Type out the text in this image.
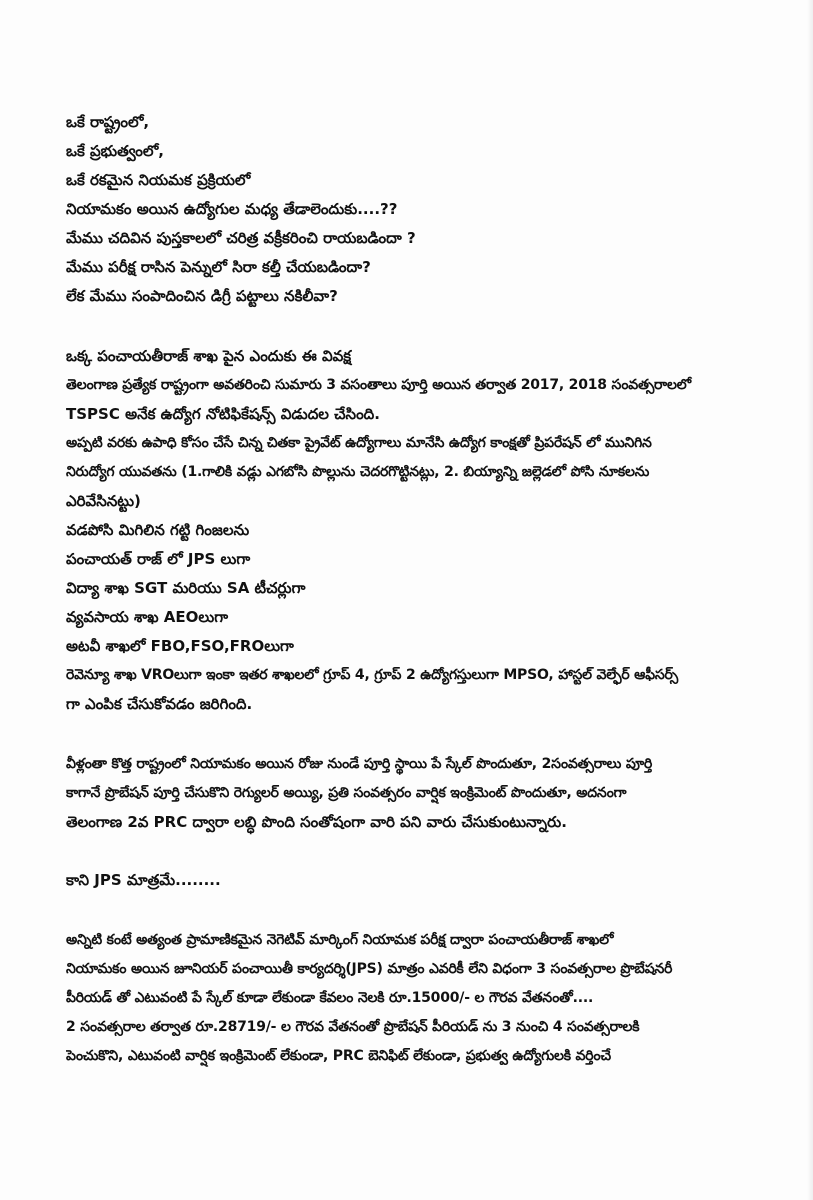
ఒకే రాష్ట్రంలో,
ఒకే ప్రభుత్వంలో,
ఒకే రకమైన నియమక ప్రక్రియలో
నియామకం అయిన ఉద్యోగుల మధ్య తేడాలెందుకు....??
మేము చదివిన పుస్తకాలలో చరిత్ర వక్రీకరించి రాయబడిందా ?
మేము పరీక్ష రాసిన పెన్నులో సిరా కల్తీ చేయబడిందా?
లేక మేము సంపాదించిన డిగ్రీ పట్టాలు నకిలీవా?
ఒక్క పంచాయతీరాజ్ శాఖ పైన ఎందుకు ఈ వివక్ష
తెలంగాణ ప్రత్యేక రాష్ట్రంగా అవతరించి సుమారు 3 వసంతాలు పూర్తి అయిన తర్వాత 2017, 2018 సంవత్సరాలలో
TSPSC అనేక ఉద్యోగ నోటిఫికేషన్స్ విడుదల చేసింది.
అప్పటి వరకు ఉపాధి కోసం చేసే చిన్న చితకా ప్రైవేట్ ఉద్యోగాలు మానేసి ఉద్యోగ కాంక్షతో ప్రిపరేషన్ లో మునిగిన
నిరుద్యోగ యువతను (1.గాలికి వడ్లు ఎగబోసి పొల్లును చెదరగొట్టినట్లు, 2. బియ్యాన్ని జల్లెడలో పోసి నూకలను
ఎరివేసినట్టు)
వడపోసి మిగిలిన గట్టి గింజలను
పంచాయత్ రాజ్ లో JPS లుగా
విద్యా శాఖ SGT మరియు SA టీచర్లుగా
వ్యవసాయ శాఖ AEOలుగా
అటవీ శాఖలో FBO,FSO,FROలుగా
రెవెన్యూ శాఖ VROలుగా ఇంకా ఇతర శాఖలలో గ్రూప్ 4, గ్రూప్ 2 ఉద్యోగస్తులుగా MPSO, హాస్టల్ వెల్ఫేర్ ఆఫీసర్స్
గా ఎంపిక చేసుకోవడం జరిగింది.
వీళ్లంతా కొత్త రాష్ట్రంలో నియామకం అయిన రోజు నుండే పూర్తి స్థాయి పే స్కేల్ పొందుతూ, 2సంవత్సరాలు పూర్తి
కాగానే ప్రొబేషన్ పూర్తి చేసుకొని రెగ్యులర్ అయ్యి, ప్రతి సంవత్సరం వార్షిక ఇంక్రిమెంట్ పొందుతూ, అదనంగా
తెలంగాణ 2వ PRC ద్వారా లబ్ధి పొంది సంతోషంగా వారి పని వారు చేసుకుంటున్నారు.
కాని JPS మాత్రమే........
అన్నిటి కంటే అత్యంత ప్రామాణికమైన నెగెటివ్ మార్కింగ్ నియామక పరీక్ష ద్వారా పంచాయతీరాజ్ శాఖలో
నియామకం అయిన జూనియర్ పంచాయితీ కార్యదర్శి(JPS) మాత్రం ఎవరికీ లేని విధంగా 3 సంవత్సరాల ప్రొబేషనరీ
పీరియడ్ తో ఎటువంటి పే స్కేల్ కూడా లేకుండా కేవలం నెలకి రూ.15000/- ల గౌరవ వేతనంతో....
2 సంవత్సరాల తర్వాత రూ.28719/- ల గౌరవ వేతనంతో ప్రొబేషన్ పీరియడ్ ను 3 నుంచి 4 సంవత్సరాలకి
పెంచుకొని, ఎటువంటి వార్షిక ఇంక్రిమెంట్ లేకుండా, PRC బెనిఫిట్ లేకుండా, ప్రభుత్వ ఉద్యోగులకి వర్తించే
